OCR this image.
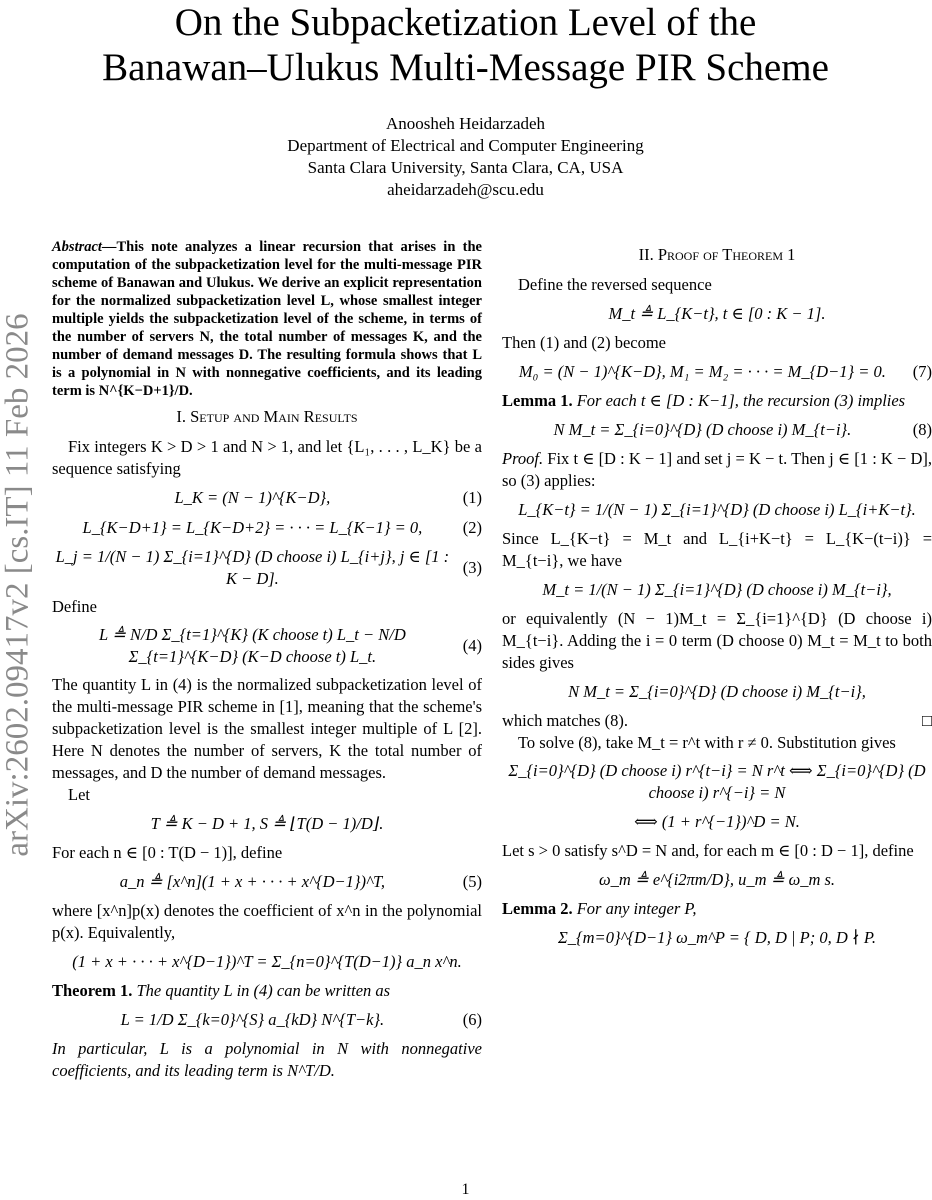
On the Subpacketization Level of the
Banawan–Ulukus Multi-Message PIR Scheme
Anoosheh Heidarzadeh
Department of Electrical and Computer Engineering
Santa Clara University, Santa Clara, CA, USA
aheidarzadeh@scu.edu
arXiv:2602.09417v2 [cs.IT] 11 Feb 2026

Abstract—This note analyzes a linear recursion that arises in the computation of the subpacketization level for the multi-message PIR scheme of Banawan and Ulukus. We derive an explicit representation for the normalized subpacketization level L, whose smallest integer multiple yields the subpacketization level of the scheme, in terms of the number of servers N, the total number of messages K, and the number of demand messages D. The resulting formula shows that L is a polynomial in N with nonnegative coefficients, and its leading term is N^{K−D+1}/D.

I. Setup and Main Results

Fix integers K > D > 1 and N > 1, and let {L₁, . . . , L_K} be a sequence satisfying

L_K = (N − 1)^{K−D},	(1)
L_{K−D+1} = L_{K−D+2} = · · · = L_{K−1} = 0,	(2)
L_j = 1/(N − 1) Σ_{i=1}^{D} (D choose i) L_{i+j}, j ∈ [1 : K − D].
(3)

Define

L ≜ N/D Σ_{t=1}^{K} (K choose t) L_t − N/D Σ_{t=1}^{K−D} (K−D choose t) L_t.
(4)

The quantity L in (4) is the normalized subpacketization level of the multi-message PIR scheme in [1], meaning that the scheme's subpacketization level is the smallest integer multiple of L [2]. Here N denotes the number of servers, K the total number of messages, and D the number of demand messages.

Let

T ≜ K − D + 1, S ≜ ⌊T(D − 1)/D⌋.

For each n ∈ [0 : T(D − 1)], define

a_n ≜ [x^n](1 + x + · · · + x^{D−1})^T,	(5)

where [x^n]p(x) denotes the coefficient of x^n in the polynomial p(x). Equivalently,

(1 + x + · · · + x^{D−1})^T = Σ_{n=0}^{T(D−1)} a_n x^n.

Theorem 1. The quantity L in (4) can be written as

L = 1/D Σ_{k=0}^{S} a_{kD} N^{T−k}.	(6)

In particular, L is a polynomial in N with nonnegative coefficients, and its leading term is N^T/D.

II. Proof of Theorem 1

Define the reversed sequence

M_t ≜ L_{K−t}, t ∈ [0 : K − 1].

Then (1) and (2) become

M₀ = (N − 1)^{K−D}, M₁ = M₂ = · · · = M_{D−1} = 0.	(7)

Lemma 1. For each t ∈ [D : K−1], the recursion (3) implies

N M_t = Σ_{i=0}^{D} (D choose i) M_{t−i}.	(8)

Proof. Fix t ∈ [D : K − 1] and set j = K − t. Then j ∈ [1 : K − D], so (3) applies:

L_{K−t} = 1/(N − 1) Σ_{i=1}^{D} (D choose i) L_{i+K−t}.

Since L_{K−t} = M_t and L_{i+K−t} = L_{K−(t−i)} = M_{t−i}, we have

M_t = 1/(N − 1) Σ_{i=1}^{D} (D choose i) M_{t−i},

or equivalently (N − 1)M_t = Σ_{i=1}^{D} (D choose i) M_{t−i}. Adding the i = 0 term (D choose 0) M_t = M_t to both sides gives

N M_t = Σ_{i=0}^{D} (D choose i) M_{t−i},

which matches (8).	□

To solve (8), take M_t = r^t with r ≠ 0. Substitution gives

Σ_{i=0}^{D} (D choose i) r^{t−i} = N r^t ⟺ Σ_{i=0}^{D} (D choose i) r^{−i} = N
⟺ (1 + r^{−1})^D = N.

Let s > 0 satisfy s^D = N and, for each m ∈ [0 : D − 1], define

ω_m ≜ e^{i2πm/D}, u_m ≜ ω_m s.

Lemma 2. For any integer P,

Σ_{m=0}^{D−1} ω_m^P = { D, D | P; 0, D ∤ P.
1
